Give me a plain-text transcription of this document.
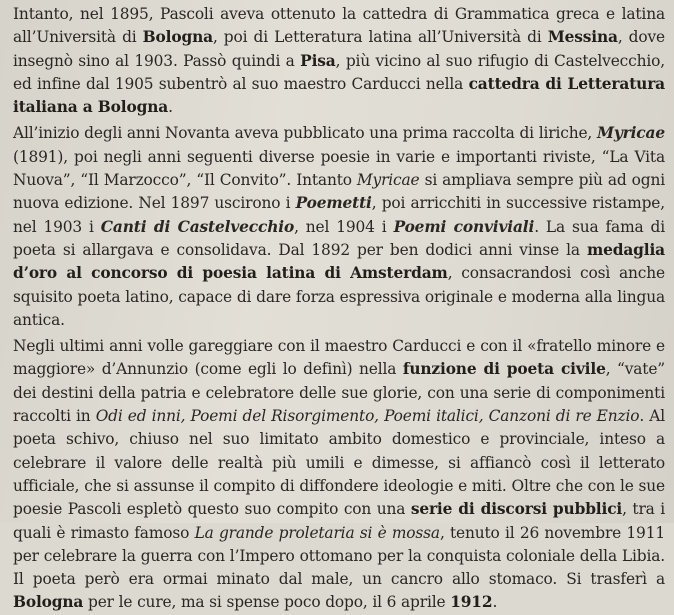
Intanto, nel 1895, Pascoli aveva ottenuto la cattedra di Grammatica greca e latina all’Università di Bologna, poi di Letteratura latina all’Università di Messina, dove insegnò sino al 1903. Passò quindi a Pisa, più vicino al suo rifugio di Castelvecchio, ed infine dal 1905 subentrò al suo maestro Carducci nella cattedra di Letteratura italiana a Bologna.

All’inizio degli anni Novanta aveva pubblicato una prima raccolta di liriche, Myricae (1891), poi negli anni seguenti diverse poesie in varie e importanti riviste, “La Vita Nuova”, “Il Marzocco”, “Il Convito”. Intanto Myricae si ampliava sempre più ad ogni nuova edizione. Nel 1897 uscirono i Poemetti, poi arricchiti in successive ristampe, nel 1903 i Canti di Castelvecchio, nel 1904 i Poemi conviviali. La sua fama di poeta si allargava e consolidava. Dal 1892 per ben dodici anni vinse la medaglia d’oro al concorso di poesia latina di Amsterdam, consacrandosi così anche squisito poeta latino, capace di dare forza espressiva originale e moderna alla lingua antica.

Negli ultimi anni volle gareggiare con il maestro Carducci e con il «fratello minore e maggiore» d’Annunzio (come egli lo definì) nella funzione di poeta civile, “vate” dei destini della patria e celebratore delle sue glorie, con una serie di componimenti raccolti in Odi ed inni, Poemi del Risorgimento, Poemi italici, Canzoni di re Enzio. Al poeta schivo, chiuso nel suo limitato ambito domestico e provinciale, inteso a celebrare il valore delle realtà più umili e dimesse, si affiancò così il letterato ufficiale, che si assunse il compito di diffondere ideologie e miti. Oltre che con le sue poesie Pascoli espletò questo suo compito con una serie di discorsi pubblici, tra i quali è rimasto famoso La grande proletaria si è mossa, tenuto il 26 novembre 1911 per celebrare la guerra con l’Impero ottomano per la conquista coloniale della Libia. Il poeta però era ormai minato dal male, un cancro allo stomaco. Si trasferì a Bologna per le cure, ma si spense poco dopo, il 6 aprile 1912.
